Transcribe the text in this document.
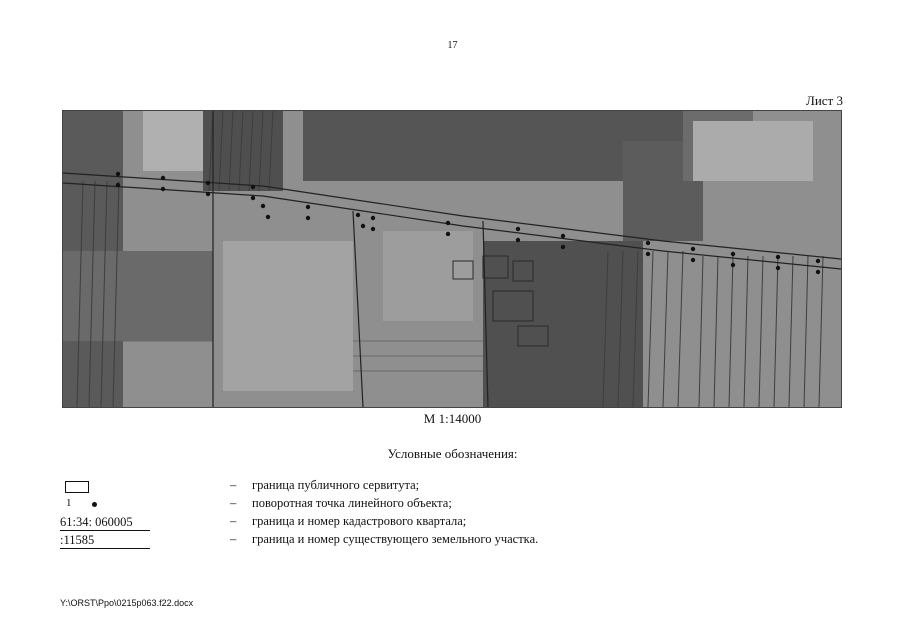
17
Лист 3
М 1:14000
Условные обозначения:
– граница публичного сервитута;
1	– поворотная точка линейного объекта;
61:34: 060005	– граница и номер кадастрового квартала;
:11585	– граница и номер существующего земельного участка.
Y:\ORST\Ppo\0215p063.f22.docx
